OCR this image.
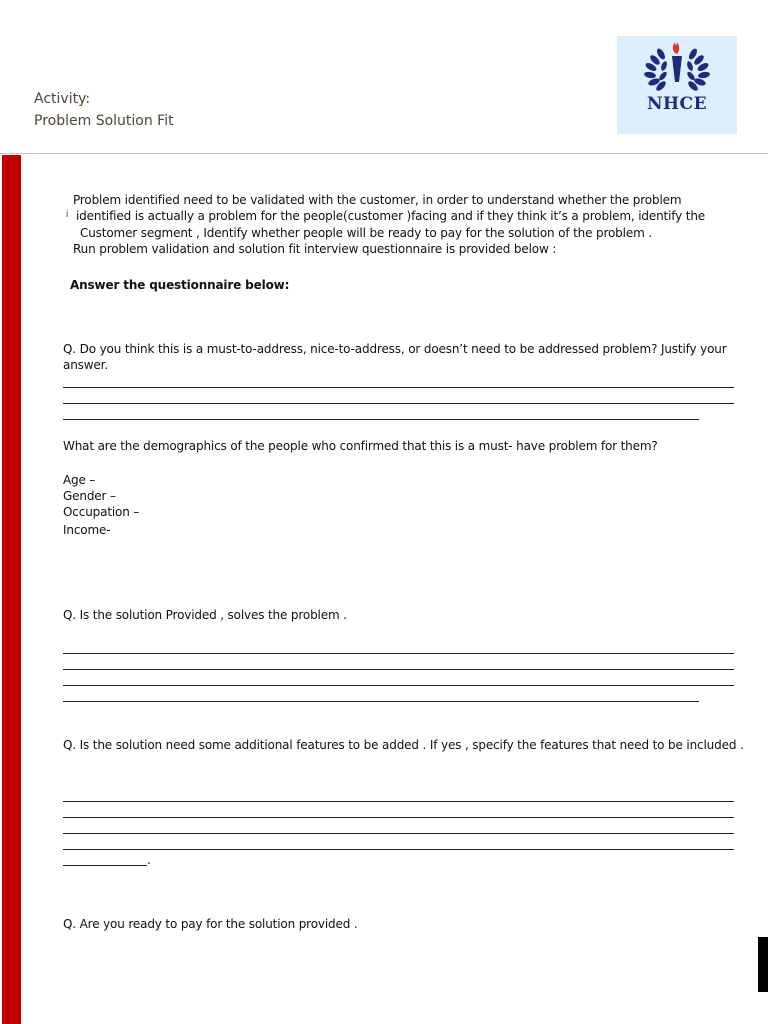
Activity:
Problem Solution Fit
NHCE
Problem identified need to be validated with the customer, in order to understand whether the problem
i identified is actually a problem for the people(customer )facing and if they think it’s a problem, identify the
Customer segment , Identify whether people will be ready to pay for the solution of the problem .
Run problem validation and solution fit interview questionnaire is provided below :
Answer the questionnaire below:
Q. Do you think this is a must-to-address, nice-to-address, or doesn’t need to be addressed problem? Justify your
answer.
What are the demographics of the people who confirmed that this is a must- have problem for them?
Age –
Gender –
Occupation –
Income-
Q. Is the solution Provided , solves the problem .
Q. Is the solution need some additional features to be added . If yes , specify the features that need to be included .
.
Q. Are you ready to pay for the solution provided .
